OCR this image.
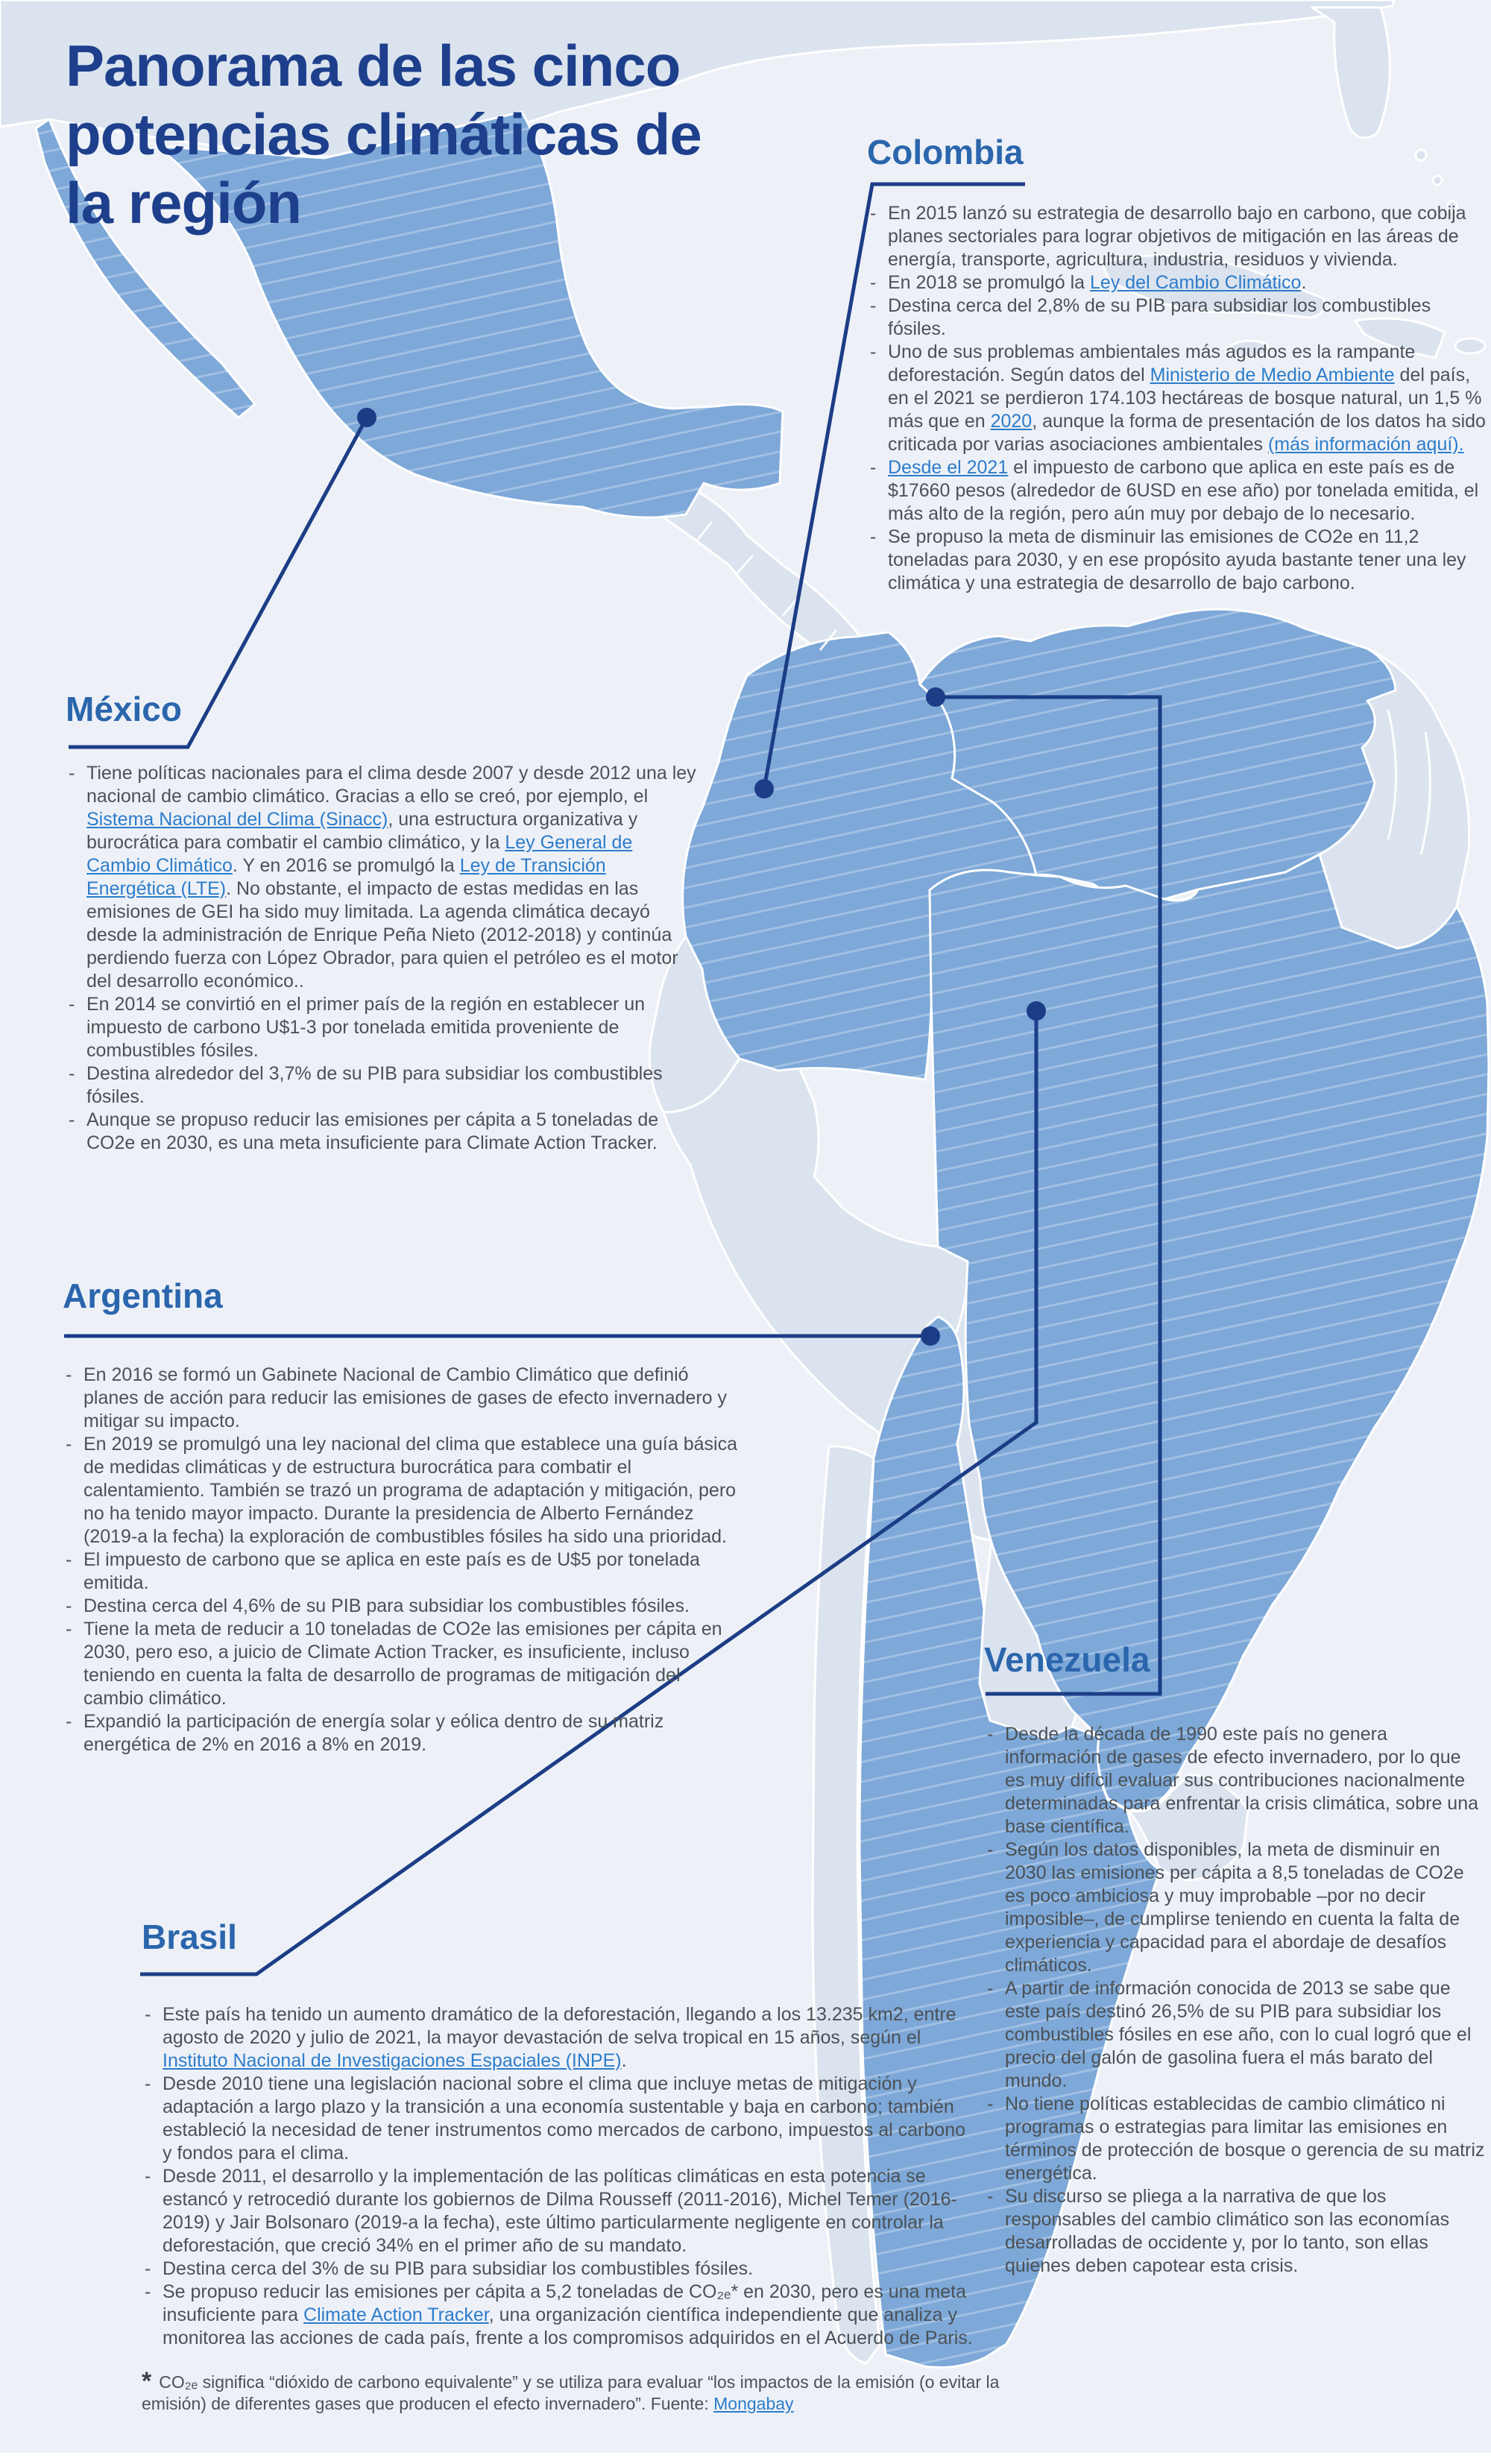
Panorama de las cinco potencias climáticas de la región
Colombia
- En 2015 lanzó su estrategia de desarrollo bajo en carbono, que cobija planes sectoriales para lograr objetivos de mitigación en las áreas de energía, transporte, agricultura, industria, residuos y vivienda.
- En 2018 se promulgó la Ley del Cambio Climático.
- Destina cerca del 2,8% de su PIB para subsidiar los combustibles fósiles.
- Uno de sus problemas ambientales más agudos es la rampante deforestación. Según datos del Ministerio de Medio Ambiente del país, en el 2021 se perdieron 174.103 hectáreas de bosque natural, un 1,5 % más que en 2020, aunque la forma de presentación de los datos ha sido criticada por varias asociaciones ambientales (más información aquí).
- Desde el 2021 el impuesto de carbono que aplica en este país es de $17660 pesos (alrededor de 6USD en ese año) por tonelada emitida, el más alto de la región, pero aún muy por debajo de lo necesario.
- Se propuso la meta de disminuir las emisiones de CO2e en 11,2 toneladas para 2030, y en ese propósito ayuda bastante tener una ley climática y una estrategia de desarrollo de bajo carbono.
México
- Tiene políticas nacionales para el clima desde 2007 y desde 2012 una ley nacional de cambio climático. Gracias a ello se creó, por ejemplo, el Sistema Nacional del Clima (Sinacc), una estructura organizativa y burocrática para combatir el cambio climático, y la Ley General de Cambio Climático. Y en 2016 se promulgó la Ley de Transición Energética (LTE). No obstante, el impacto de estas medidas en las emisiones de GEI ha sido muy limitada. La agenda climática decayó desde la administración de Enrique Peña Nieto (2012-2018) y continúa perdiendo fuerza con López Obrador, para quien el petróleo es el motor del desarrollo económico..
- En 2014 se convirtió en el primer país de la región en establecer un impuesto de carbono U$1-3 por tonelada emitida proveniente de combustibles fósiles.
- Destina alrededor del 3,7% de su PIB para subsidiar los combustibles fósiles.
- Aunque se propuso reducir las emisiones per cápita a 5 toneladas de CO2e en 2030, es una meta insuficiente para Climate Action Tracker.
Argentina
- En 2016 se formó un Gabinete Nacional de Cambio Climático que definió planes de acción para reducir las emisiones de gases de efecto invernadero y mitigar su impacto.
- En 2019 se promulgó una ley nacional del clima que establece una guía básica de medidas climáticas y de estructura burocrática para combatir el calentamiento. También se trazó un programa de adaptación y mitigación, pero no ha tenido mayor impacto. Durante la presidencia de Alberto Fernández (2019-a la fecha) la exploración de combustibles fósiles ha sido una prioridad.
- El impuesto de carbono que se aplica en este país es de U$5 por tonelada emitida.
- Destina cerca del 4,6% de su PIB para subsidiar los combustibles fósiles.
- Tiene la meta de reducir a 10 toneladas de CO2e las emisiones per cápita en 2030, pero eso, a juicio de Climate Action Tracker, es insuficiente, incluso teniendo en cuenta la falta de desarroll​o de programas de mitigación del cambio climático.
- Expandió la participación de energía solar y eólica dentro de su matriz energética de 2% en 2016 a 8% en 2019.
Venezuela
- Desde la década de 1990 este país no genera información de gases de efecto invernadero, por lo que es muy difícil evaluar sus contribuciones nacionalmente determinadas para enfrentar la crisis climática, sobre una base científica.
- Según los datos disponibles, la meta de disminuir en 2030 las emisiones per cápita a 8,5 toneladas de CO2e es poco ambiciosa y muy improbable –por no decir imposible–, de cumplirse teniendo en cuenta la falta de experiencia y capacidad para el abordaje de desafíos climáticos.
- A partir de información conocida de 2013 se sabe que este país destinó 26,5% de su PIB para subsidiar los combustibles fósiles en ese año, con lo cual logró que el precio del galón de gasolina fuera el más barato del mundo.
- No tiene políticas establecidas de cambio climático ni programas o estrategias para limitar las emisiones en términos de protección de bosque o gerencia de su matriz energética.
- Su discurso se pliega a la narrativa de que los responsables del cambio climático son las economías desarrolladas de occidente y, por lo tanto, son ellas quienes deben capotear esta crisis.
Brasil
- Este país ha tenido un aumento dramático de la deforestación, llegando a los 13.235 km2, entre agosto de 2020 y julio de 2021, la mayor devastación de selva tropical en 15 años, según el Instituto Nacional de Investigaciones Espaciales (INPE).
- Desde 2010 tiene una legislación nacional sobre el clima que incluye metas de mitigación y adaptación a largo plazo y la transición a una economía sustentable y baja en carbono; también estableció la necesidad de tener instrumentos como mercados de carbono, impuestos al carbono y fondos para el clima.
- Desde 2011, el desarrollo y la implementación de las políticas climáticas en esta potencia se estancó y retrocedió durante los gobiernos de Dilma Rousseff (2011-2016), Michel Temer (2016-2019) y Jair Bolsonaro (2019-a la fecha), este último particularmente negligente en controlar la deforestación, que creció 34% en el primer año de su mandato.
- Destina cerca del 3% de su PIB para subsidiar los combustibles fósiles.
- Se propuso reducir las emisiones per cápita a 5,2 toneladas de CO₂ₑ* en 2030, pero es una meta insuficiente para Climate Action Tracker, una organización científica independiente que analiza y monitorea las acciones de cada país, frente a los compromisos adquiridos en el Acuerdo de Paris.
* CO₂ₑ significa “dióxido de carbono equivalente” y se utiliza para evaluar “los impactos de la emisión (o evitar la emisión) de diferentes gases que producen el efecto invernadero”. Fuente: Mongabay
